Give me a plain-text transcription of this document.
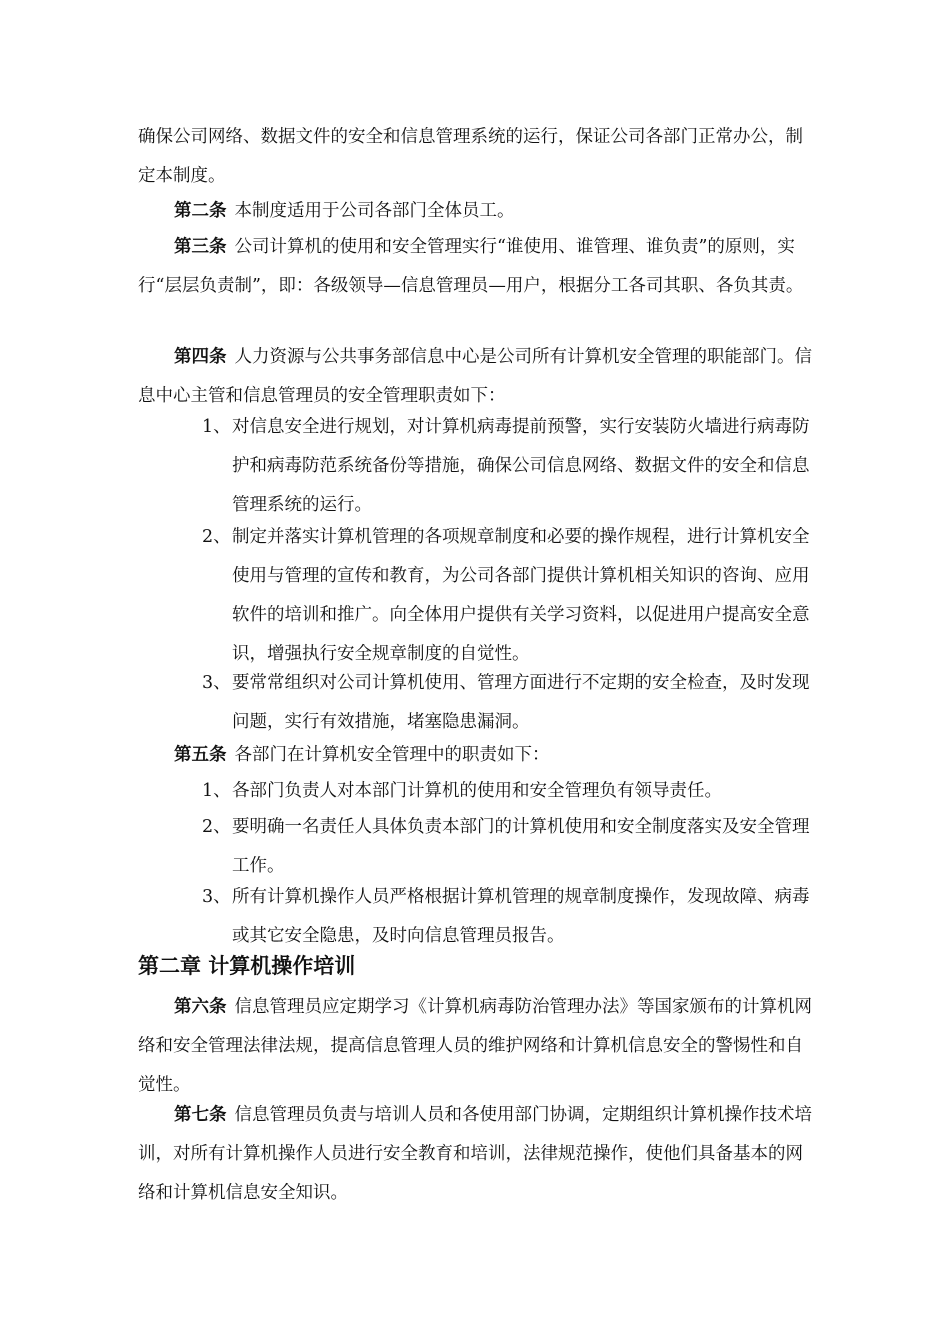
确保公司网络、数据文件的安全和信息管理系统的运行，保证公司各部门正常办公，制定本制度。

第二条 本制度适用于公司各部门全体员工。

第三条 公司计算机的使用和安全管理实行“谁使用、谁管理、谁负责”的原则，实行“层层负责制”，即：各级领导—信息管理员—用户，根据分工各司其职、各负其责。

第四条 人力资源与公共事务部信息中心是公司所有计算机安全管理的职能部门。信息中心主管和信息管理员的安全管理职责如下：

1、 对信息安全进行规划，对计算机病毒提前预警，实行安装防火墙进行病毒防护和病毒防范系统备份等措施，确保公司信息网络、数据文件的安全和信息管理系统的运行。

2、 制定并落实计算机管理的各项规章制度和必要的操作规程，进行计算机安全使用与管理的宣传和教育，为公司各部门提供计算机相关知识的咨询、应用软件的培训和推广。向全体用户提供有关学习资料，以促进用户提高安全意识，增强执行安全规章制度的自觉性。

3、 要常常组织对公司计算机使用、管理方面进行不定期的安全检查，及时发现问题，实行有效措施，堵塞隐患漏洞。

第五条 各部门在计算机安全管理中的职责如下：

1、 各部门负责人对本部门计算机的使用和安全管理负有领导责任。

2、 要明确一名责任人具体负责本部门的计算机使用和安全制度落实及安全管理工作。

3、 所有计算机操作人员严格根据计算机管理的规章制度操作，发现故障、病毒或其它安全隐患，及时向信息管理员报告。

第二章 计算机操作培训

第六条 信息管理员应定期学习《计算机病毒防治管理办法》等国家颁布的计算机网络和安全管理法律法规，提高信息管理人员的维护网络和计算机信息安全的警惕性和自觉性。

第七条 信息管理员负责与培训人员和各使用部门协调，定期组织计算机操作技术培训，对所有计算机操作人员进行安全教育和培训，法律规范操作，使他们具备基本的网络和计算机信息安全知识。
